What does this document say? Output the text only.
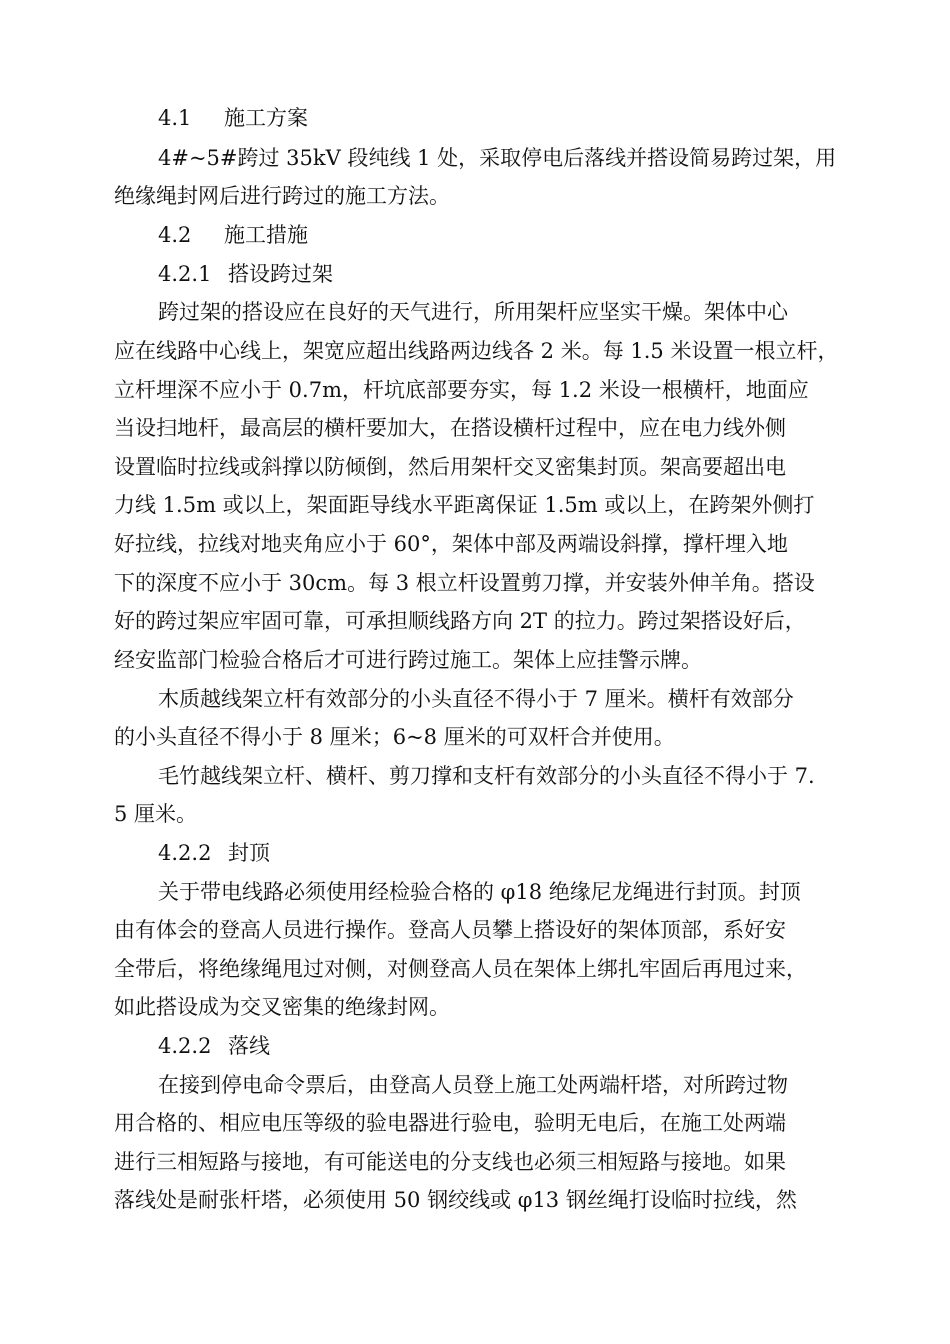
4.1 施工方案
4#~5#跨过 35kV 段纯线 1 处，采取停电后落线并搭设简易跨过架，用
绝缘绳封网后进行跨过的施工方法。
4.2 施工措施
4.2.1 搭设跨过架
跨过架的搭设应在良好的天气进行，所用架杆应坚实干燥。架体中心
应在线路中心线上，架宽应超出线路两边线各 2 米。每 1.5 米设置一根立杆，
立杆埋深不应小于 0.7m，杆坑底部要夯实，每 1.2 米设一根横杆，地面应
当设扫地杆，最高层的横杆要加大，在搭设横杆过程中，应在电力线外侧
设置临时拉线或斜撑以防倾倒，然后用架杆交叉密集封顶。架高要超出电
力线 1.5m 或以上，架面距导线水平距离保证 1.5m 或以上，在跨架外侧打
好拉线，拉线对地夹角应小于 60°，架体中部及两端设斜撑，撑杆埋入地
下的深度不应小于 30cm。每 3 根立杆设置剪刀撑，并安装外伸羊角。搭设
好的跨过架应牢固可靠，可承担顺线路方向 2T 的拉力。跨过架搭设好后，
经安监部门检验合格后才可进行跨过施工。架体上应挂警示牌。
木质越线架立杆有效部分的小头直径不得小于 7 厘米。横杆有效部分
的小头直径不得小于 8 厘米；6~8 厘米的可双杆合并使用。
毛竹越线架立杆、横杆、剪刀撑和支杆有效部分的小头直径不得小于 7.
5 厘米。
4.2.2 封顶
关于带电线路必须使用经检验合格的 φ18 绝缘尼龙绳进行封顶。封顶
由有体会的登高人员进行操作。登高人员攀上搭设好的架体顶部，系好安
全带后，将绝缘绳甩过对侧，对侧登高人员在架体上绑扎牢固后再甩过来，
如此搭设成为交叉密集的绝缘封网。
4.2.2 落线
在接到停电命令票后，由登高人员登上施工处两端杆塔，对所跨过物
用合格的、相应电压等级的验电器进行验电，验明无电后，在施工处两端
进行三相短路与接地，有可能送电的分支线也必须三相短路与接地。如果
落线处是耐张杆塔，必须使用 50 钢绞线或 φ13 钢丝绳打设临时拉线，然
